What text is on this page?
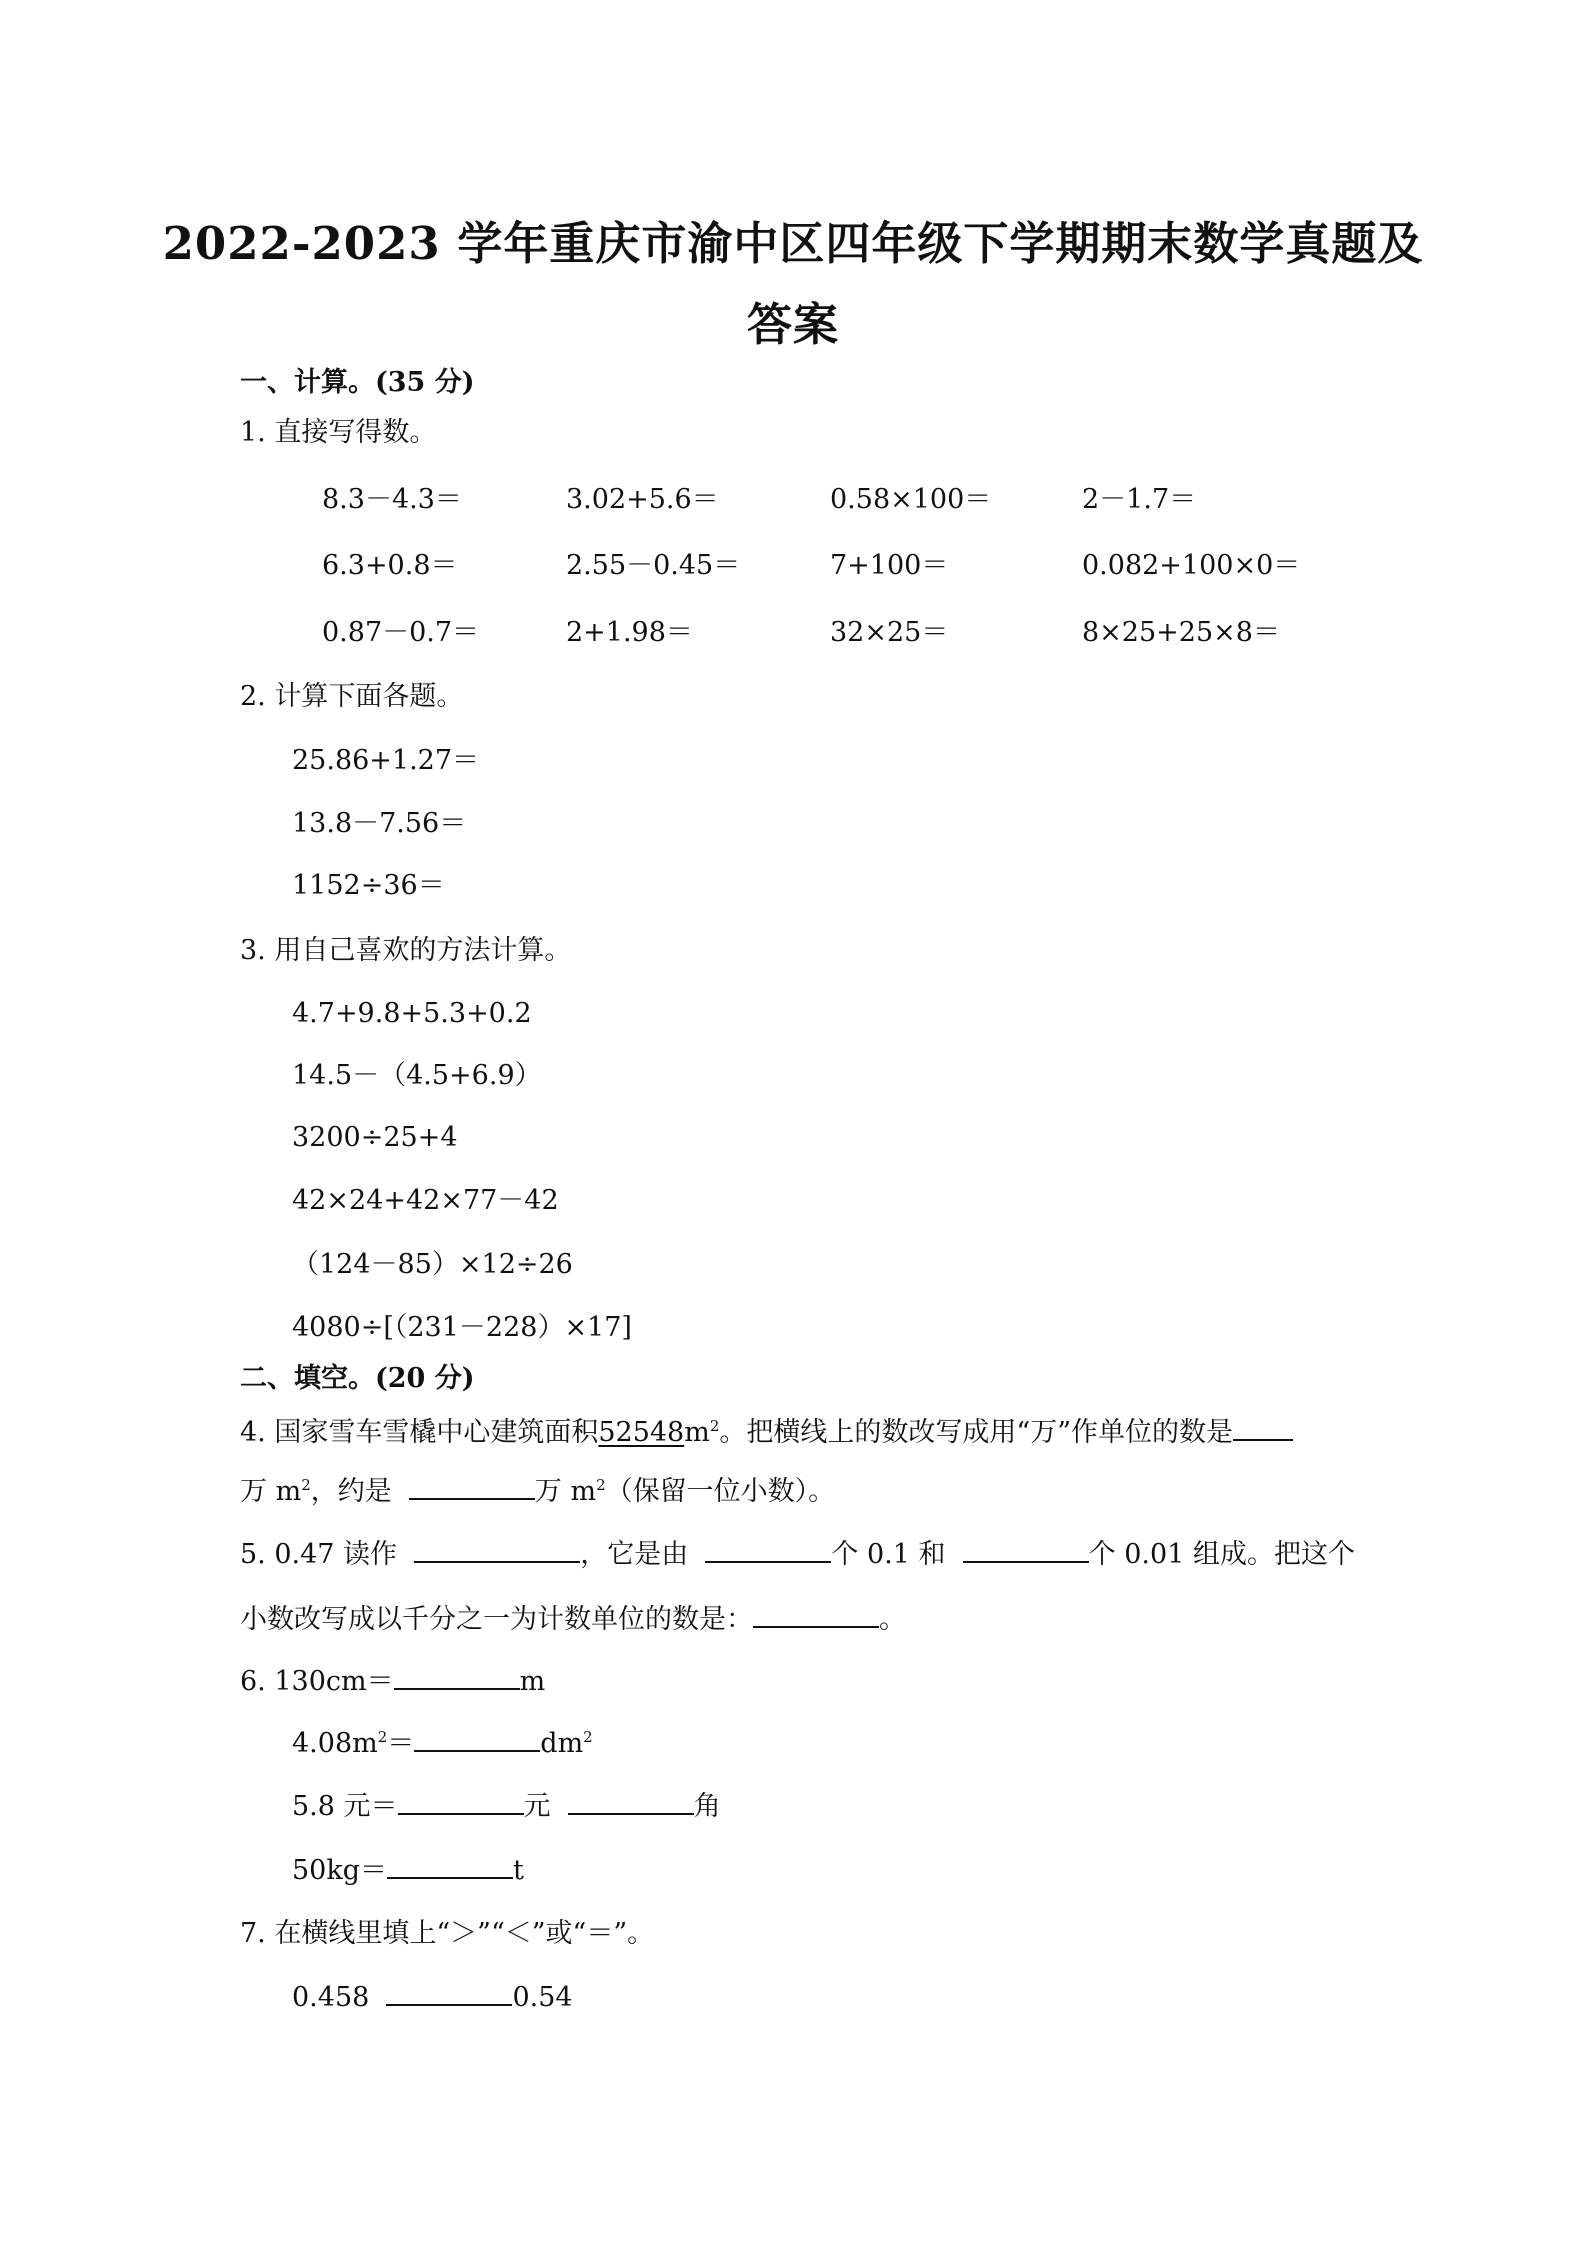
2022-2023 学年重庆市渝中区四年级下学期期末数学真题及
答案
一、计算。(35 分)
1. 直接写得数。
8.3－4.3＝	3.02+5.6＝	0.58×100＝	2－1.7＝
6.3+0.8＝	2.55－0.45＝	7+100＝	0.082+100×0＝
0.87－0.7＝	2+1.98＝	32×25＝	8×25+25×8＝
2. 计算下面各题。
25.86+1.27＝
13.8－7.56＝
1152÷36＝
3. 用自己喜欢的方法计算。
4.7+9.8+5.3+0.2
14.5－（4.5+6.9）
3200÷25+4
42×24+42×77－42
（124－85）×12÷26
4080÷[（231－228）×17]
二、填空。(20 分)
4. 国家雪车雪橇中心建筑面积$52548m^2$。把横线上的数改写成用“万”作单位的数是
万 $m^2$，约是	万 $m^2$（保留一位小数）。
5. 0.47 读作	，它是由	个 0.1 和	个 0.01 组成。把这个
小数改写成以千分之一为计数单位的数是：	。
6. 130cm＝	m
$4.08m^2=$	$dm^2$
5.8 元＝	元	角
50kg＝	t
7. 在横线里填上“＞”“＜”或“＝”。
0.458	0.54
